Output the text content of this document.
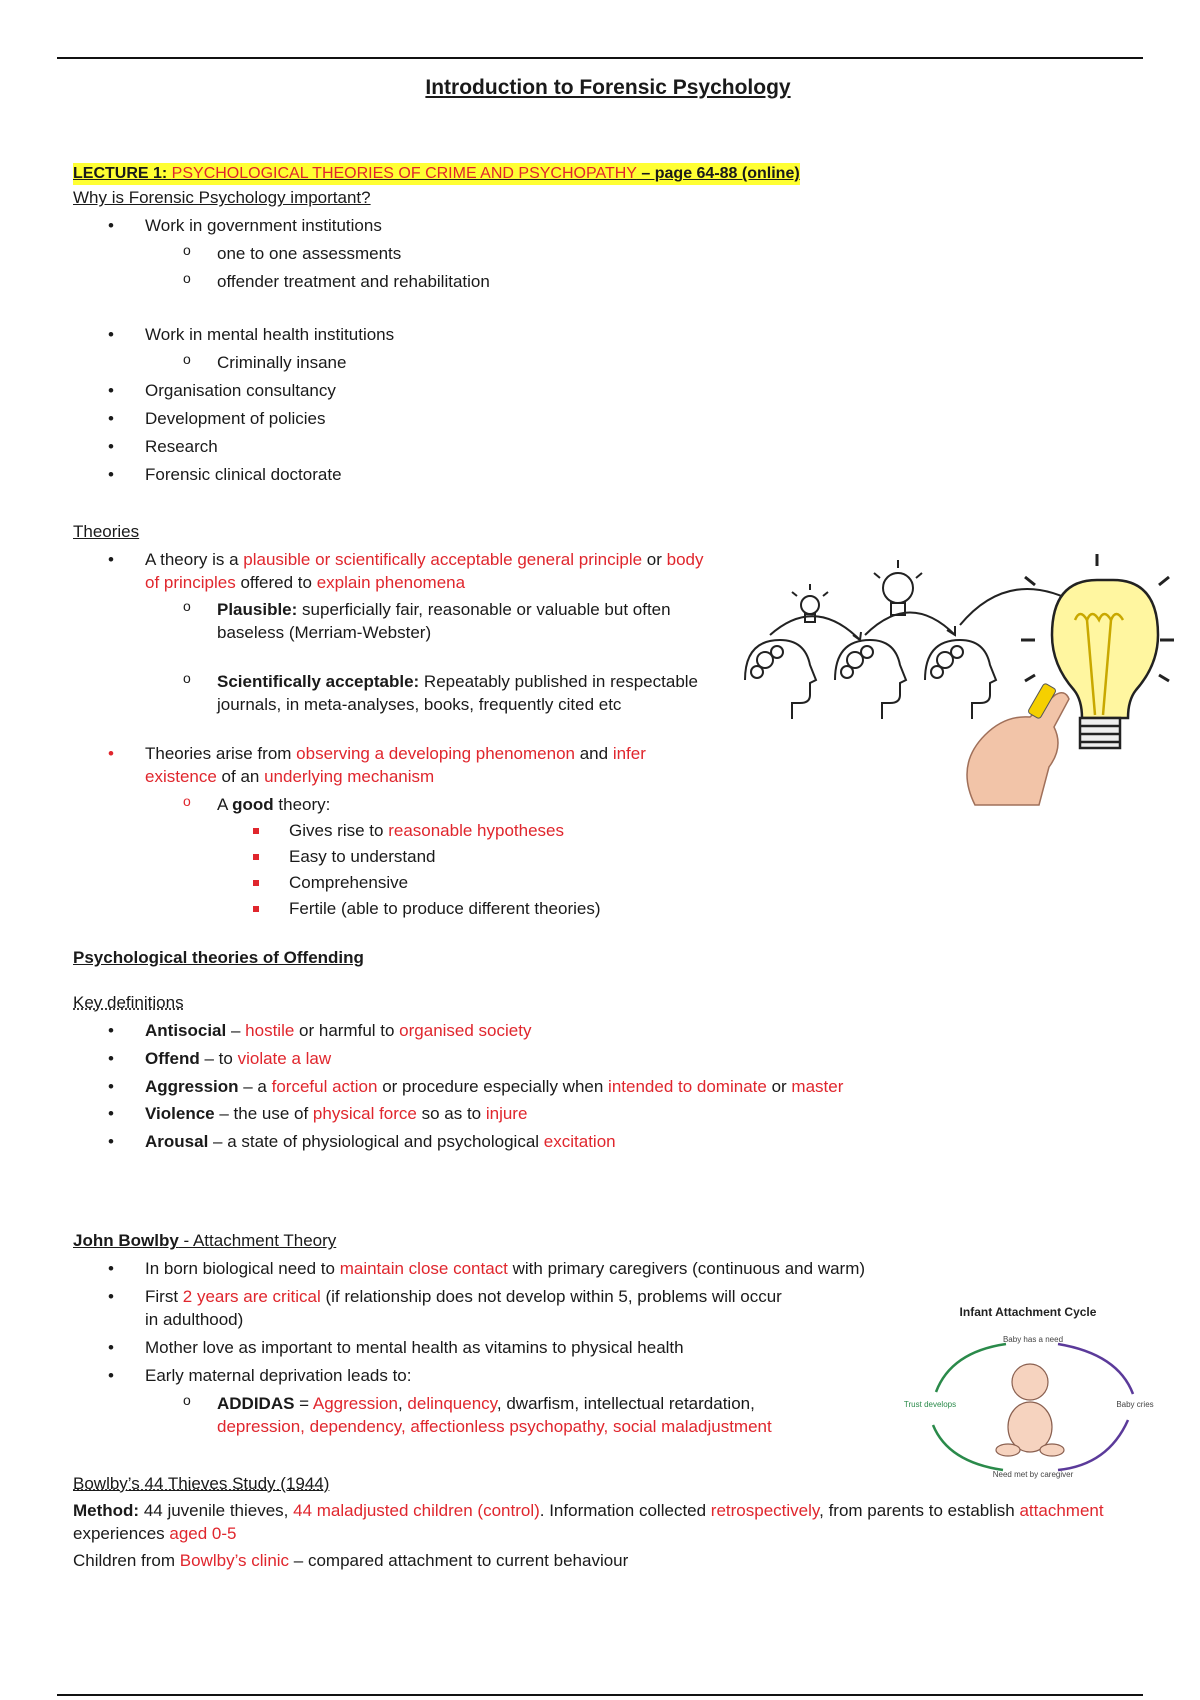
Introduction to Forensic Psychology
LECTURE 1: PSYCHOLOGICAL THEORIES OF CRIME AND PSYCHOPATHY – page 64-88 (online)
Why is Forensic Psychology important?
• Work in government institutions
o one to one assessments
o offender treatment and rehabilitation
• Work in mental health institutions
o Criminally insane
• Organisation consultancy
• Development of policies
• Research
• Forensic clinical doctorate
Theories
• A theory is a plausible or scientifically acceptable general principle or body of principles offered to explain phenomena
o Plausible: superficially fair, reasonable or valuable but often baseless (Merriam-Webster)
o Scientifically acceptable: Repeatably published in respectable journals, in meta-analyses, books, frequently cited etc
• Theories arise from observing a developing phenomenon and infer existence of an underlying mechanism
o A good theory:
Gives rise to reasonable hypotheses
Easy to understand
Comprehensive
Fertile (able to produce different theories)
Psychological theories of Offending
Key definitions
• Antisocial – hostile or harmful to organised society
• Offend – to violate a law
• Aggression – a forceful action or procedure especially when intended to dominate or master
• Violence – the use of physical force so as to injure
• Arousal – a state of physiological and psychological excitation
John Bowlby - Attachment Theory
• In born biological need to maintain close contact with primary caregivers (continuous and warm)
• First 2 years are critical (if relationship does not develop within 5, problems will occur in adulthood)
• Mother love as important to mental health as vitamins to physical health
• Early maternal deprivation leads to:
o ADDIDAS = Aggression, delinquency, dwarfism, intellectual retardation, depression, dependency, affectionless psychopathy, social maladjustment
Bowlby’s 44 Thieves Study (1944)

Method: 44 juvenile thieves, 44 maladjusted children (control). Information collected retrospectively, from parents to establish attachment experiences aged 0-5

Children from Bowlby’s clinic – compared attachment to current behaviour

Infant Attachment Cycle
Baby has a need
Baby cries
Need met by caregiver
Trust develops
